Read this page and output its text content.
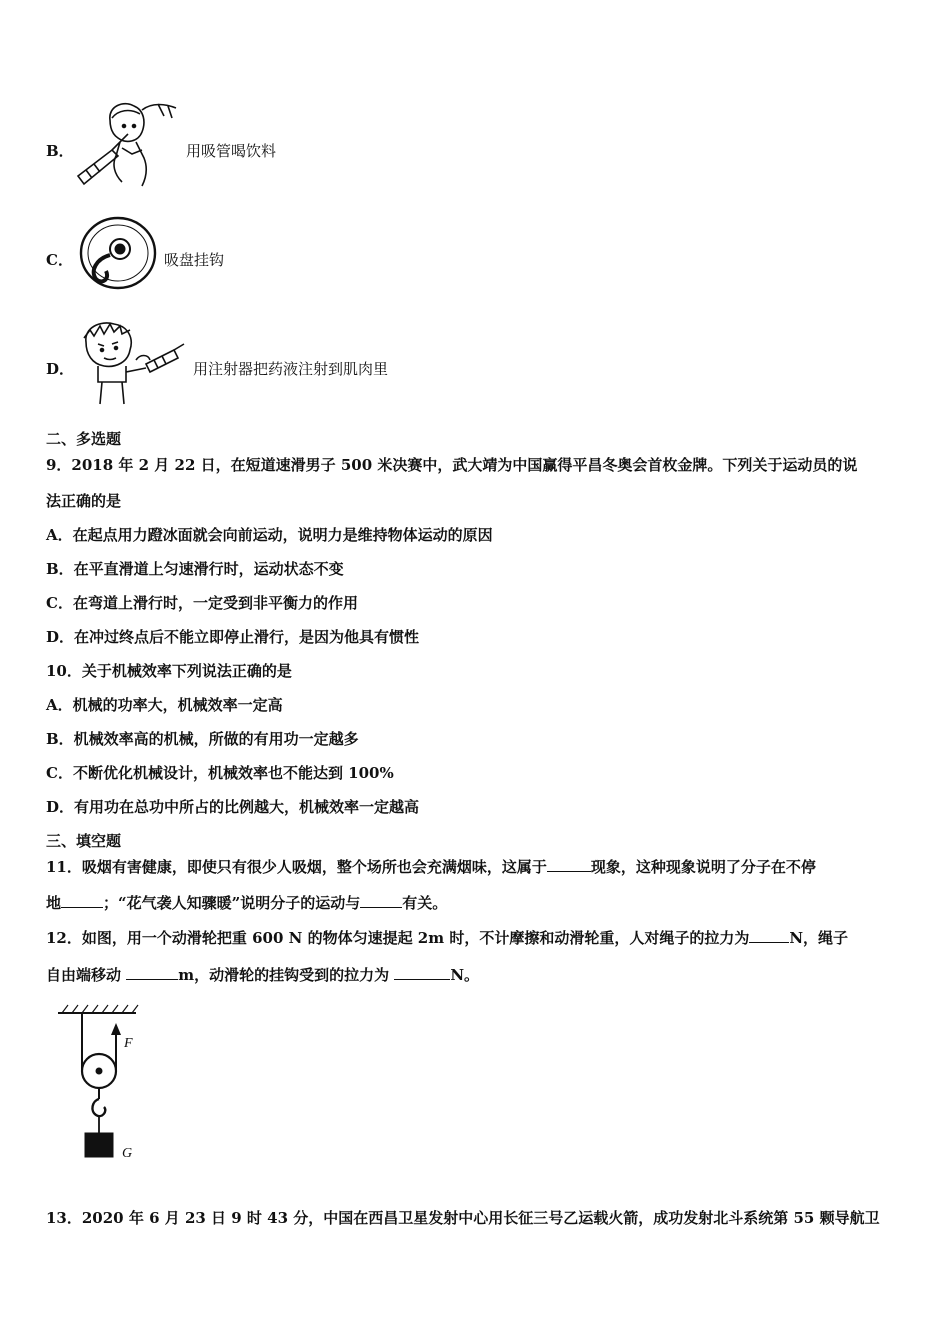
B．	用吸管喝饮料
C．	吸盘挂钩
D．	用注射器把药液注射到肌肉里
二、多选题
9．2018 年 2 月 22 日，在短道速滑男子 500 米决赛中，武大靖为中国赢得平昌冬奥会首枚金牌。下列关于运动员的说
法正确的是
A．在起点用力蹬冰面就会向前运动，说明力是维持物体运动的原因
B．在平直滑道上匀速滑行时，运动状态不变
C．在弯道上滑行时，一定受到非平衡力的作用
D．在冲过终点后不能立即停止滑行，是因为他具有惯性
10．关于机械效率下列说法正确的是
A．机械的功率大，机械效率一定高
B．机械效率高的机械，所做的有用功一定越多
C．不断优化机械设计，机械效率也不能达到 100%
D．有用功在总功中所占的比例越大，机械效率一定越高
三、填空题
11．吸烟有害健康，即使只有很少人吸烟，整个场所也会充满烟味，这属于	现象，这种现象说明了分子在不停
地	；“花气袭人知骤暖”说明分子的运动与	有关。
12．如图，用一个动滑轮把重 600 N 的物体匀速提起 2m 时，不计摩擦和动滑轮重，人对绳子的拉力为	N，绳子
自由端移动	m，动滑轮的挂钩受到的拉力为	N。
F
G
13．2020 年 6 月 23 日 9 时 43 分，中国在西昌卫星发射中心用长征三号乙运载火箭，成功发射北斗系统第 55 颗导航卫
